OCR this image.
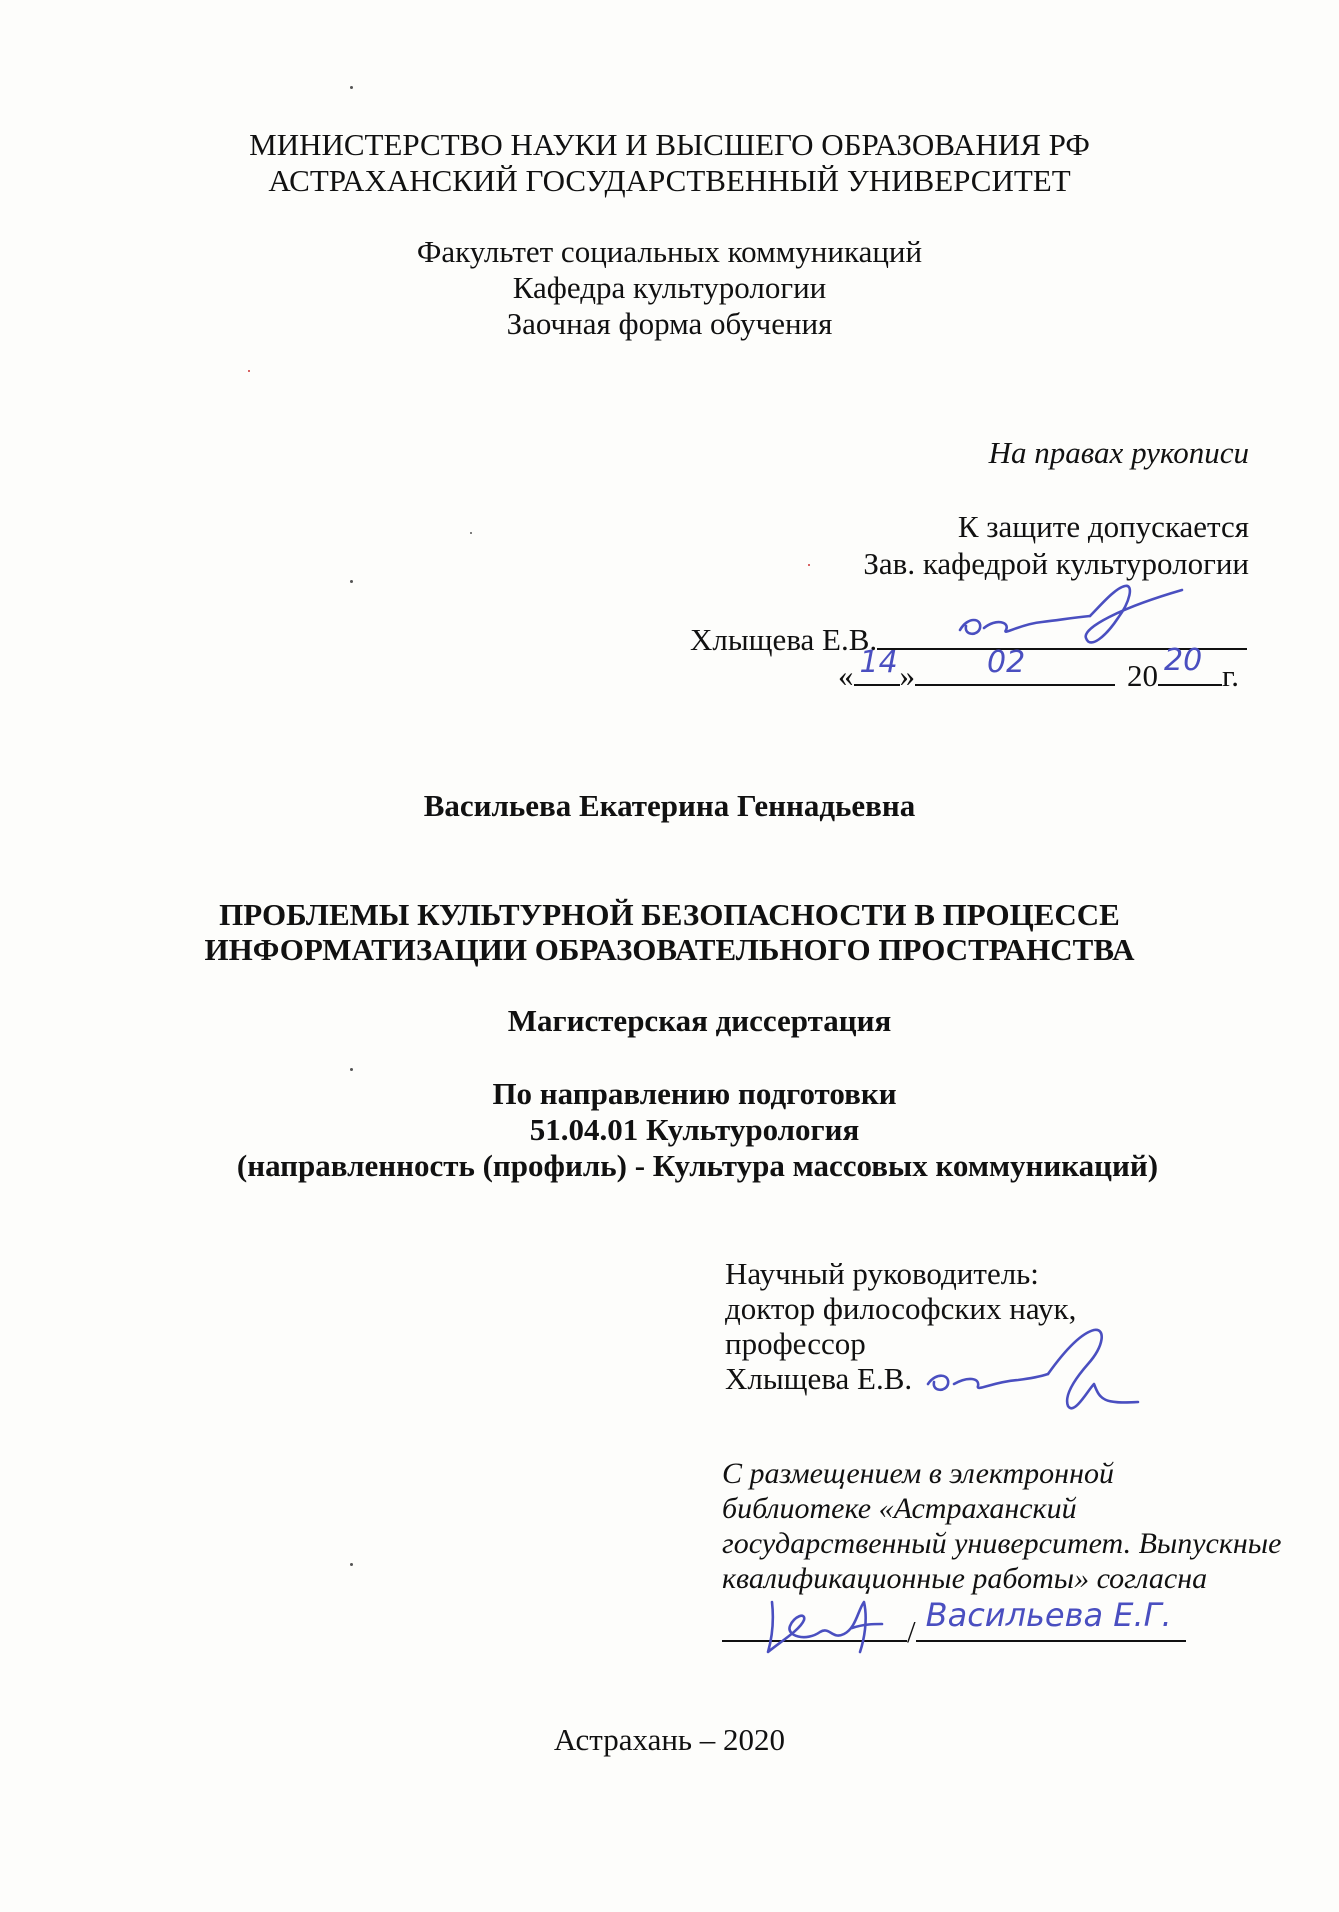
МИНИСТЕРСТВО НАУКИ И ВЫСШЕГО ОБРАЗОВАНИЯ РФ
АСТРАХАНСКИЙ ГОСУДАРСТВЕННЫЙ УНИВЕРСИТЕТ
Факультет социальных коммуникаций
Кафедра культурологии
Заочная форма обучения
На правах рукописи
К защите допускается
Зав. кафедрой культурологии
Хлыщева Е.В.
« 14 » 02	20 20 г.
Васильева Екатерина Геннадьевна
ПРОБЛЕМЫ КУЛЬТУРНОЙ БЕЗОПАСНОСТИ В ПРОЦЕССЕ
ИНФОРМАТИЗАЦИИ ОБРАЗОВАТЕЛЬНОГО ПРОСТРАНСТВА
Магистерская диссертация
По направлению подготовки
51.04.01 Культурология
(направленность (профиль) - Культура массовых коммуникаций)
Научный руководитель:
доктор философских наук,
профессор
Хлыщева Е.В.
С размещением в электронной
библиотеке «Астраханский
государственный университет. Выпускные
квалификационные работы» согласна
/ Васильева Е.Г.
Астрахань – 2020
